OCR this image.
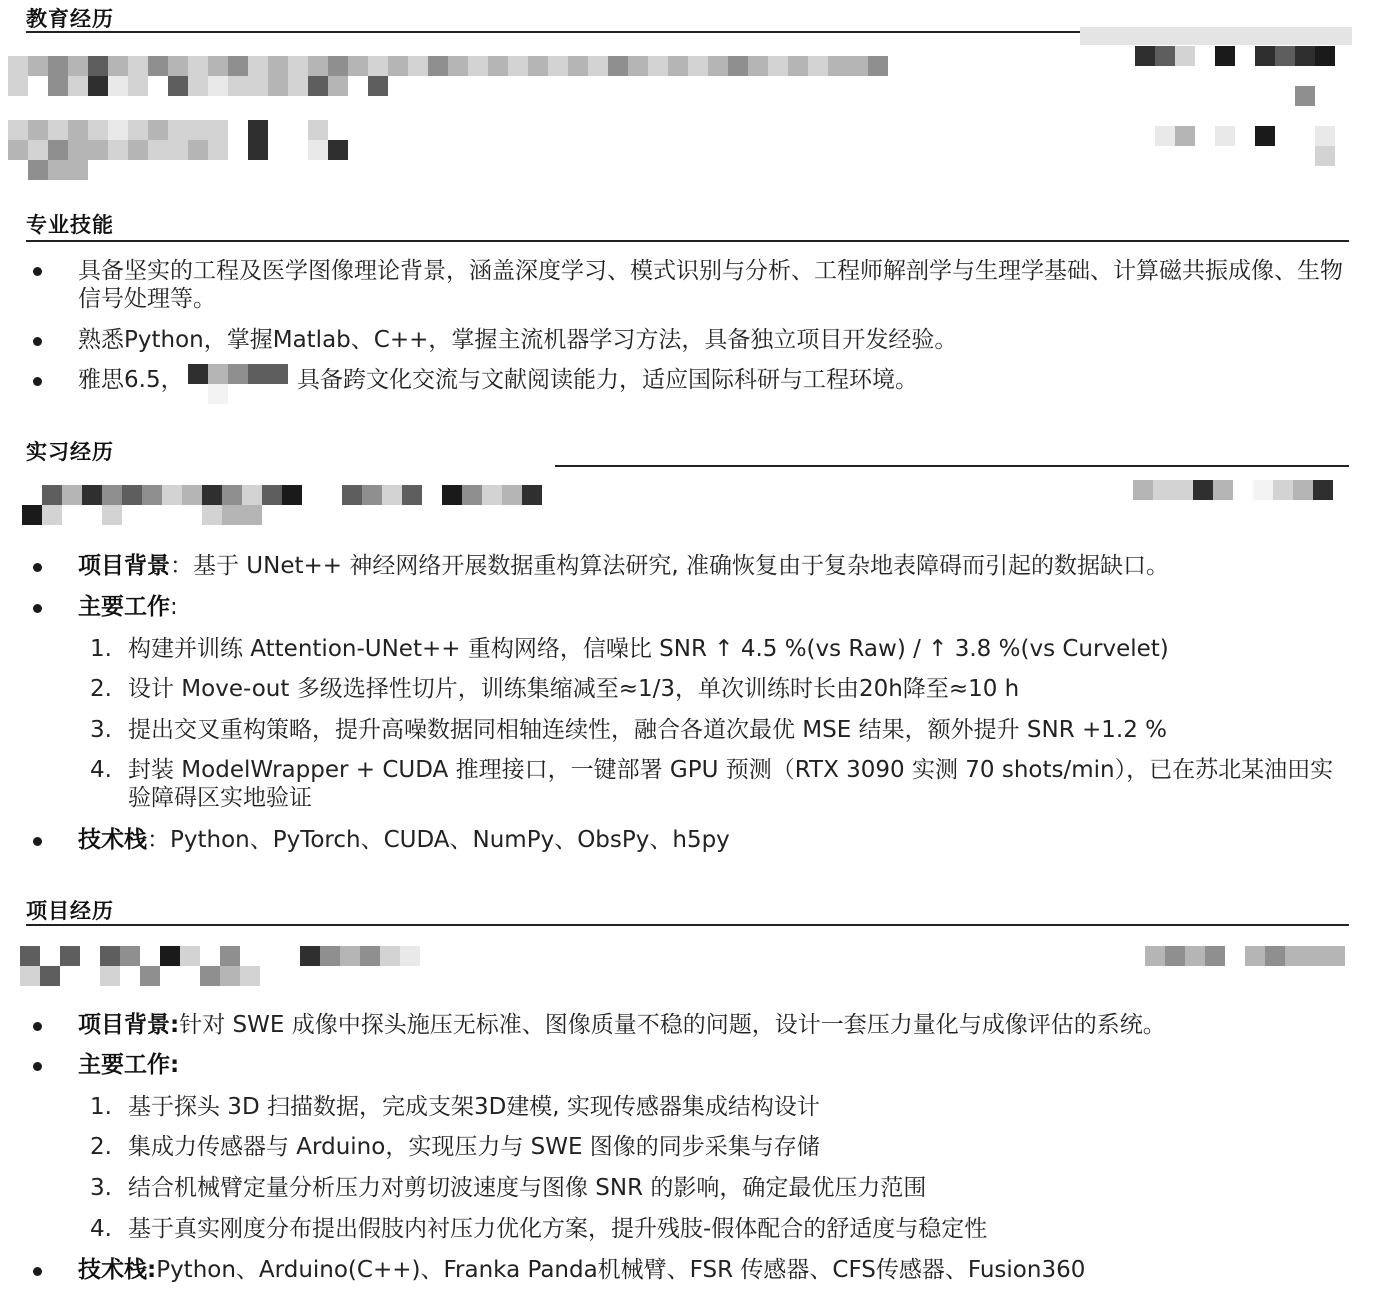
教育经历
专业技能
具备坚实的工程及医学图像理论背景，涵盖深度学习、模式识别与分析、工程师解剖学与生理学基础、计算磁共振成像、生物信号处理等。
熟悉Python，掌握Matlab、C++，掌握主流机器学习方法，具备独立项目开发经验。
雅思6.5，	具备跨文化交流与文献阅读能力，适应国际科研与工程环境。
实习经历
项目背景：基于 UNet++ 神经网络开展数据重构算法研究, 准确恢复由于复杂地表障碍而引起的数据缺口。
主要工作:
1. 构建并训练 Attention-UNet++ 重构网络，信噪比 SNR ↑ 4.5 %(vs Raw) / ↑ 3.8 %(vs Curvelet)
2. 设计 Move-out 多级选择性切片，训练集缩减至≈1/3，单次训练时长由20h降至≈10 h
3. 提出交叉重构策略，提升高噪数据同相轴连续性，融合各道次最优 MSE 结果，额外提升 SNR +1.2 %
4. 封装 ModelWrapper + CUDA 推理接口，一键部署 GPU 预测（RTX 3090 实测 70 shots/min），已在苏北某油田实验障碍区实地验证
技术栈：Python、PyTorch、CUDA、NumPy、ObsPy、h5py
项目经历
项目背景:针对 SWE 成像中探头施压无标准、图像质量不稳的问题，设计一套压力量化与成像评估的系统。
主要工作:
1. 基于探头 3D 扫描数据，完成支架3D建模, 实现传感器集成结构设计
2. 集成力传感器与 Arduino，实现压力与 SWE 图像的同步采集与存储
3. 结合机械臂定量分析压力对剪切波速度与图像 SNR 的影响，确定最优压力范围
4. 基于真实刚度分布提出假肢内衬压力优化方案，提升残肢-假体配合的舒适度与稳定性
技术栈:Python、Arduino(C++)、Franka Panda机械臂、FSR 传感器、CFS传感器、Fusion360
